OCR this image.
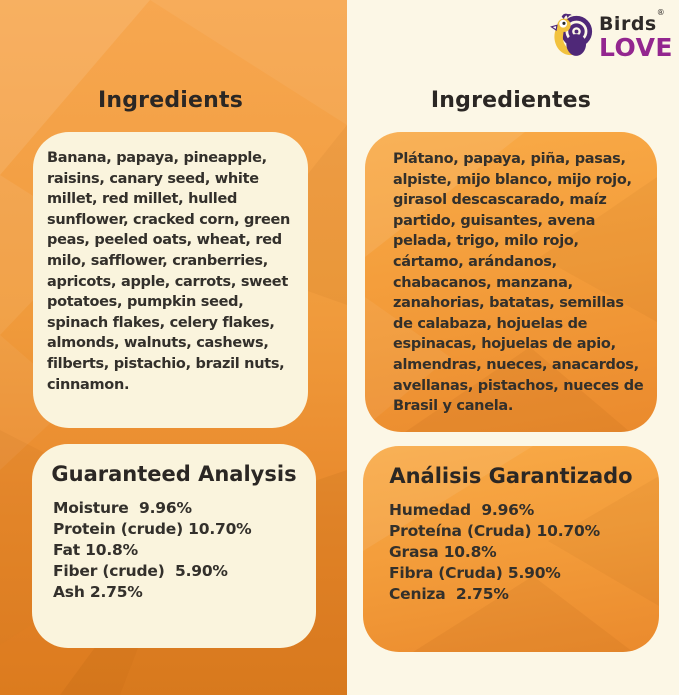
Ingredients

Banana, papaya, pineapple, raisins, canary seed, white millet, red millet, hulled sunflower, cracked corn, green peas, peeled oats, wheat, red milo, safflower, cranberries, apricots, apple, carrots, sweet potatoes, pumpkin seed, spinach flakes, celery flakes, almonds, walnuts, cashews, filberts, pistachio, brazil nuts, cinnamon.

Guaranteed Analysis

Moisture  9.96%

Protein (crude) 10.70%

Fat 10.8%

Fiber (crude)  5.90%

Ash 2.75%

Birds®
LOVE
Ingredientes

Plátano, papaya, piña, pasas, alpiste, mijo blanco, mijo rojo, girasol descascarado, maíz partido, guisantes, avena pelada, trigo, milo rojo, cártamo, arándanos, chabacanos, manzana, zanahorias, batatas, semillas de calabaza, hojuelas de espinacas, hojuelas de apio, almendras, nueces, anacardos, avellanas, pistachos, nueces de Brasil y canela.

Análisis Garantizado

Humedad  9.96%

Proteína (Cruda) 10.70%

Grasa 10.8%

Fibra (Cruda) 5.90%

Ceniza  2.75%
